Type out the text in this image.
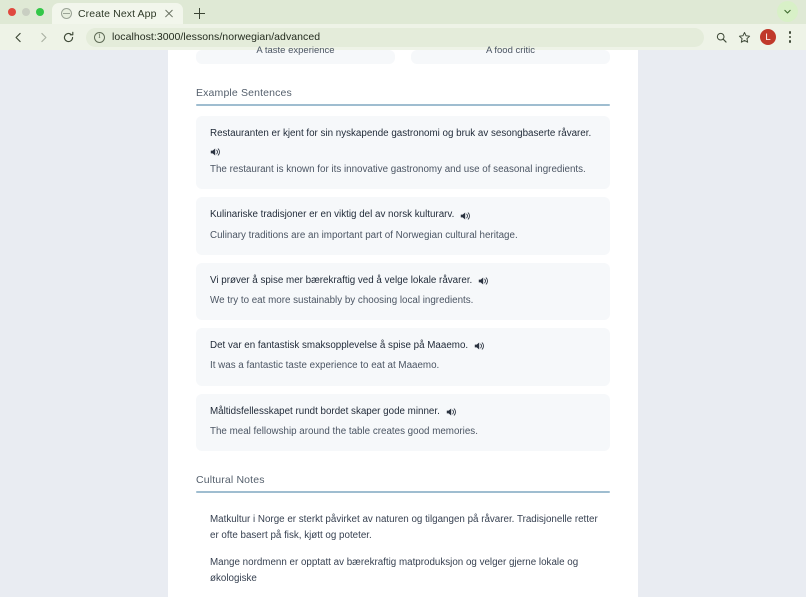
Create Next App
i
localhost:3000/lessons/norwegian/advanced	L
A taste experience	A food critic
Example Sentences
Restauranten er kjent for sin nyskapende gastronomi og bruk av sesongbaserte råvarer.
The restaurant is known for its innovative gastronomy and use of seasonal ingredients.
Kulinariske tradisjoner er en viktig del av norsk kulturarv.
Culinary traditions are an important part of Norwegian cultural heritage.
Vi prøver å spise mer bærekraftig ved å velge lokale råvarer.
We try to eat more sustainably by choosing local ingredients.
Det var en fantastisk smaksopplevelse å spise på Maaemo.
It was a fantastic taste experience to eat at Maaemo.
Måltidsfellesskapet rundt bordet skaper gode minner.
The meal fellowship around the table creates good memories.
Cultural Notes

Matkultur i Norge er sterkt påvirket av naturen og tilgangen på råvarer. Tradisjonelle retter er ofte basert på fisk, kjøtt og poteter.

Mange nordmenn er opptatt av bærekraftig matproduksjon og velger gjerne lokale og økologiske
